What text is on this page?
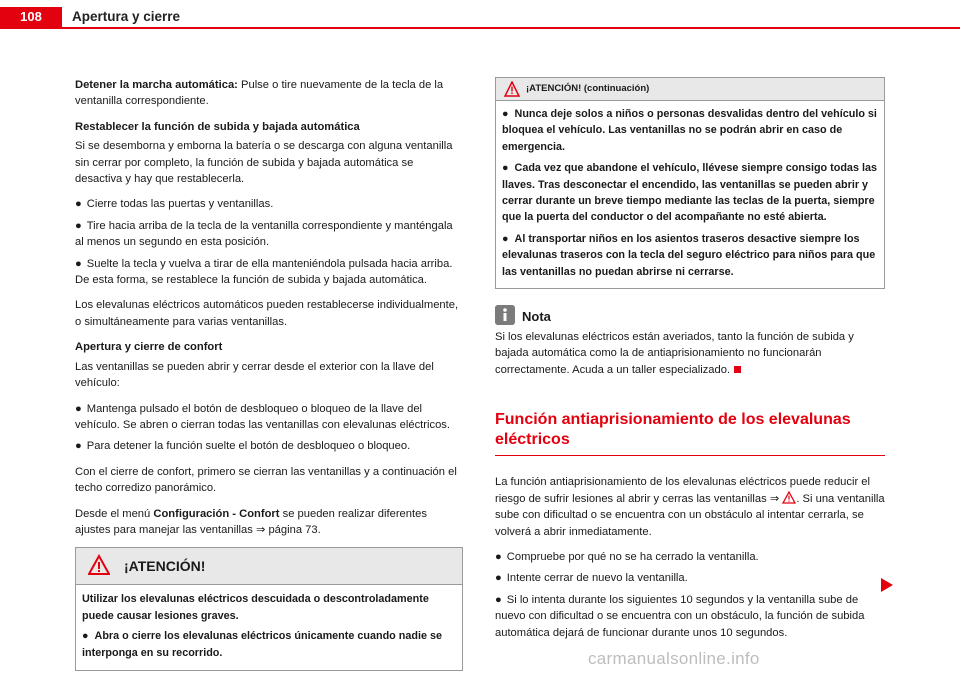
108	Apertura y cierre

Detener la marcha automática: Pulse o tire nuevamente de la tecla de la ventanilla correspondiente.

Restablecer la función de subida y bajada automática

Si se desemborna y emborna la batería o se descarga con alguna ventanilla sin cerrar por completo, la función de subida y bajada automática se desactiva y hay que restablecerla.

● Cierre todas las puertas y ventanillas.
● Tire hacia arriba de la tecla de la ventanilla correspondiente y manténgala al menos un segundo en esta posición.
● Suelte la tecla y vuelva a tirar de ella manteniéndola pulsada hacia arriba. De esta forma, se restablece la función de subida y bajada automática.

Los elevalunas eléctricos automáticos pueden restablecerse individualmente, o simultáneamente para varias ventanillas.

Apertura y cierre de confort

Las ventanillas se pueden abrir y cerrar desde el exterior con la llave del vehículo:

● Mantenga pulsado el botón de desbloqueo o bloqueo de la llave del vehículo. Se abren o cierran todas las ventanillas con elevalunas eléctricos.
● Para detener la función suelte el botón de desbloqueo o bloqueo.

Con el cierre de confort, primero se cierran las ventanillas y a continuación el techo corredizo panorámico.

Desde el menú Configuración - Confort se pueden realizar diferentes ajustes para manejar las ventanillas ⇒ página 73.

¡ATENCIÓN!

Utilizar los elevalunas eléctricos descuidada o descontroladamente puede causar lesiones graves.

● Abra o cierre los elevalunas eléctricos únicamente cuando nadie se interponga en su recorrido.

¡ATENCIÓN! (continuación)

● Nunca deje solos a niños o personas desvalidas dentro del vehículo si bloquea el vehículo. Las ventanillas no se podrán abrir en caso de emergencia.

● Cada vez que abandone el vehículo, llévese siempre consigo todas las llaves. Tras desconectar el encendido, las ventanillas se pueden abrir y cerrar durante un breve tiempo mediante las teclas de la puerta, siempre que la puerta del conductor o del acompañante no esté abierta.

● Al transportar niños en los asientos traseros desactive siempre los elevalunas traseros con la tecla del seguro eléctrico para niños para que las ventanillas no puedan abrirse ni cerrarse.

Nota

Si los elevalunas eléctricos están averiados, tanto la función de subida y bajada automática como la de antiaprisionamiento no funcionarán correctamente. Acuda a un taller especializado.

Función antiaprisionamiento de los elevalunas eléctricos

La función antiaprisionamiento de los elevalunas eléctricos puede reducir el riesgo de sufrir lesiones al abrir y cerras las ventanillas ⇒ . Si una ventanilla sube con dificultad o se encuentra con un obstáculo al intentar cerrarla, se volverá a abrir inmediatamente.

● Compruebe por qué no se ha cerrado la ventanilla.
● Intente cerrar de nuevo la ventanilla.
● Si lo intenta durante los siguientes 10 segundos y la ventanilla sube de nuevo con dificultad o se encuentra con un obstáculo, la función de subida automática dejará de funcionar durante unos 10 segundos.
carmanualsonline.info
